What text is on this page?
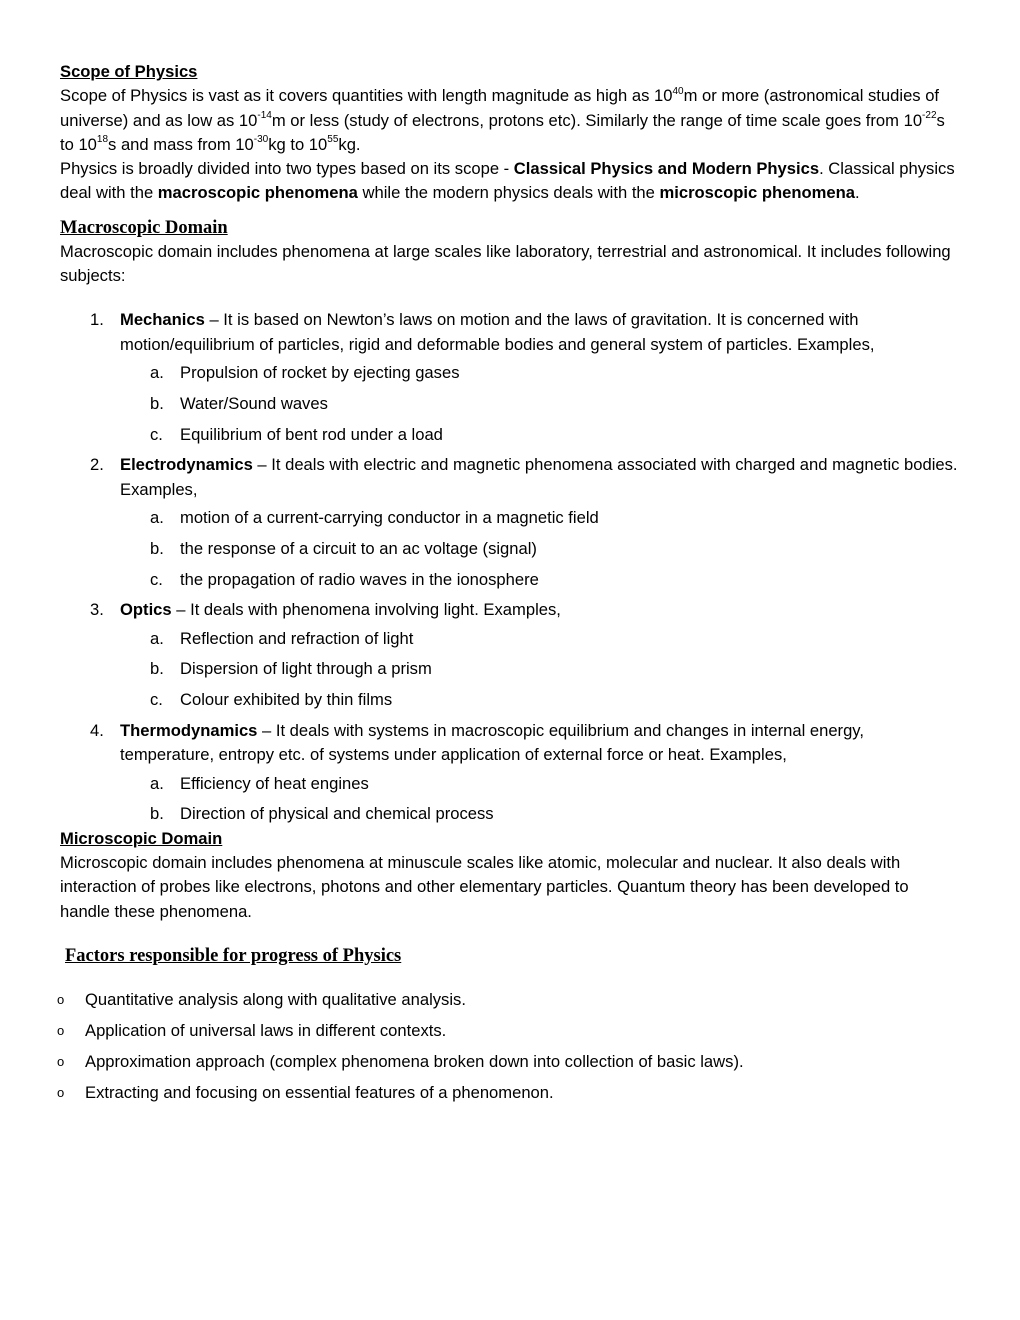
Scope of Physics

Scope of Physics is vast as it covers quantities with length magnitude as high as $10^{40}m$ or more (astronomical studies of universe) and as low as $10^{-14}m$ or less (study of electrons, protons etc). Similarly the range of time scale goes from $10^{-22}s$ to $10^{18}s$ and mass from $10^{-30}kg$ to $10^{55}kg$.

Physics is broadly divided into two types based on its scope - Classical Physics and Modern Physics. Classical physics deal with the macroscopic phenomena while the modern physics deals with the microscopic phenomena.

Macroscopic Domain

Macroscopic domain includes phenomena at large scales like laboratory, terrestrial and astronomical. It includes following subjects:

1. Mechanics – It is based on Newton’s laws on motion and the laws of gravitation. It is concerned with motion/equilibrium of particles, rigid and deformable bodies and general system of particles. Examples,
a. Propulsion of rocket by ejecting gases
b. Water/Sound waves
c. Equilibrium of bent rod under a load
2. Electrodynamics – It deals with electric and magnetic phenomena associated with charged and magnetic bodies. Examples,
a. motion of a current-carrying conductor in a magnetic field
b. the response of a circuit to an ac voltage (signal)
c. the propagation of radio waves in the ionosphere
3. Optics – It deals with phenomena involving light. Examples,
a. Reflection and refraction of light
b. Dispersion of light through a prism
c. Colour exhibited by thin films
4. Thermodynamics – It deals with systems in macroscopic equilibrium and changes in internal energy, temperature, entropy etc. of systems under application of external force or heat. Examples,
a. Efficiency of heat engines
b. Direction of physical and chemical process

Microscopic Domain

Microscopic domain includes phenomena at minuscule scales like atomic, molecular and nuclear. It also deals with interaction of probes like electrons, photons and other elementary particles. Quantum theory has been developed to handle these phenomena.

Factors responsible for progress of Physics
o Quantitative analysis along with qualitative analysis.
o Application of universal laws in different contexts.
o Approximation approach (complex phenomena broken down into collection of basic laws).
o Extracting and focusing on essential features of a phenomenon.
